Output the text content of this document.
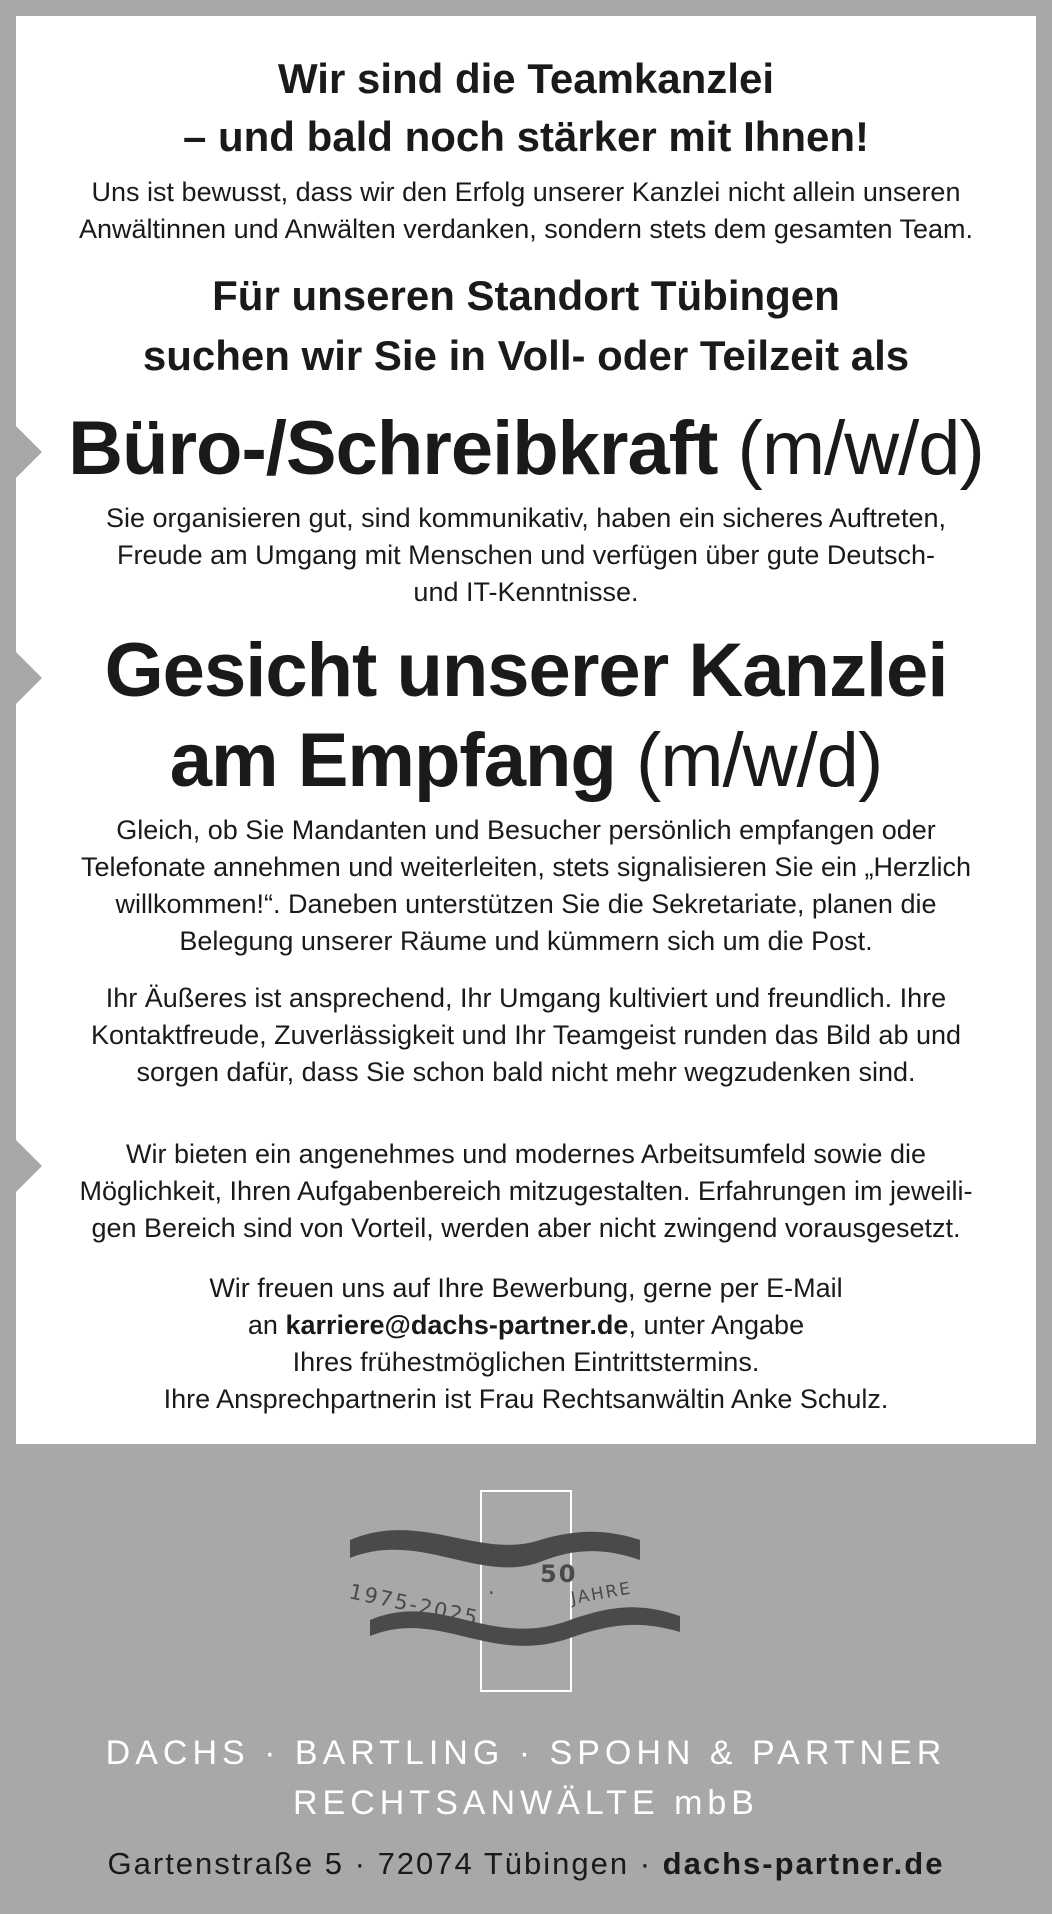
Wir sind die Teamkanzlei
– und bald noch stärker mit Ihnen!
Uns ist bewusst, dass wir den Erfolg unserer Kanzlei nicht allein unseren
Anwältinnen und Anwälten verdanken, sondern stets dem gesamten Team.
Für unseren Standort Tübingen
suchen wir Sie in Voll- oder Teilzeit als
Büro-/Schreibkraft (m/w/d)
Sie organisieren gut, sind kommunikativ, haben ein sicheres Auftreten,
Freude am Umgang mit Menschen und verfügen über gute Deutsch-
und IT-Kenntnisse.
Gesicht unserer Kanzlei
am Empfang (m/w/d)
Gleich, ob Sie Mandanten und Besucher persönlich empfangen oder
Telefonate annehmen und weiterleiten, stets signalisieren Sie ein „Herzlich
willkommen!“. Daneben unterstützen Sie die Sekretariate, planen die
Belegung unserer Räume und kümmern sich um die Post.
Ihr Äußeres ist ansprechend, Ihr Umgang kultiviert und freundlich. Ihre
Kontaktfreude, Zuverlässigkeit und Ihr Teamgeist runden das Bild ab und
sorgen dafür, dass Sie schon bald nicht mehr wegzudenken sind.
Wir bieten ein angenehmes und modernes Arbeitsumfeld sowie die
Möglichkeit, Ihren Aufgabenbereich mitzugestalten. Erfahrungen im jeweili-
gen Bereich sind von Vorteil, werden aber nicht zwingend vorausgesetzt.
Wir freuen uns auf Ihre Bewerbung, gerne per E-Mail
an karriere@dachs-partner.de, unter Angabe
Ihres frühestmöglichen Eintrittstermins.
Ihre Ansprechpartnerin ist Frau Rechtsanwältin Anke Schulz.
1975-2025 ·
50
JAHRE
DACHS · BARTLING · SPOHN & PARTNER
RECHTSANWÄLTE mbB
Gartenstraße 5 · 72074 Tübingen · dachs-partner.de
